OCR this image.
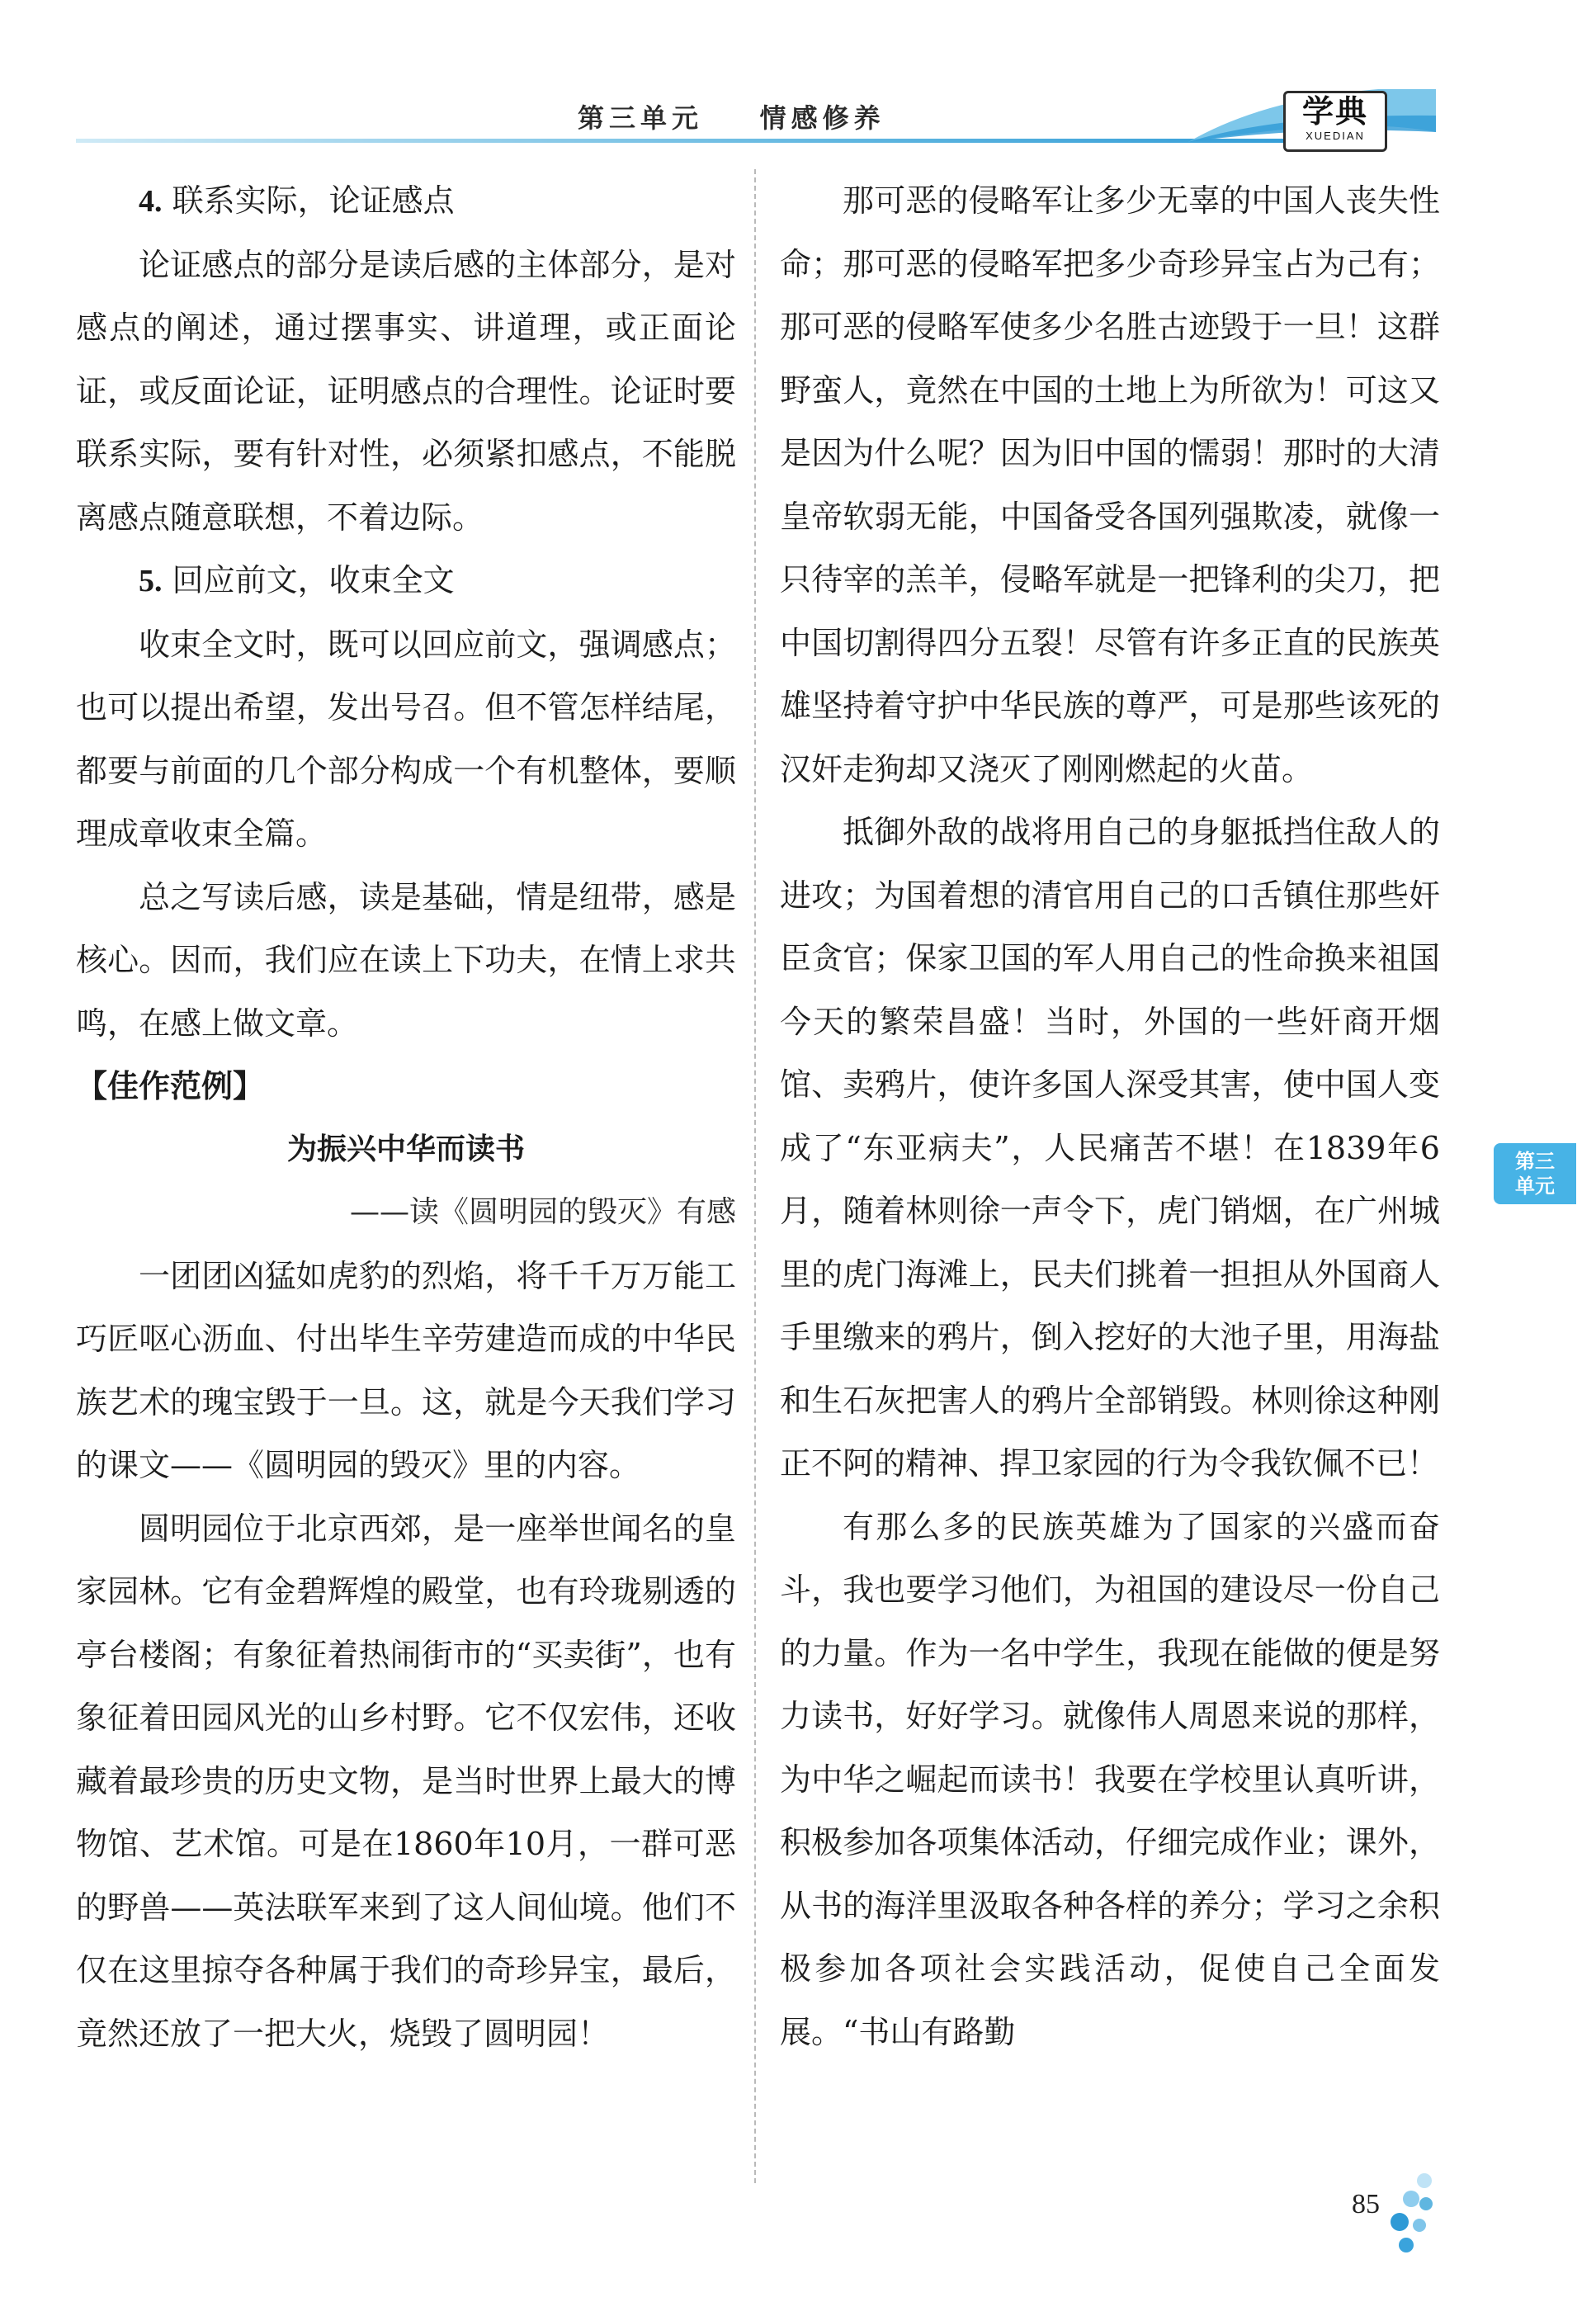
第三单元    情感修养	学典
XUEDIAN

4. 联系实际，论证感点

论证感点的部分是读后感的主体部分，是对感点的阐述，通过摆事实、讲道理，或正面论证，或反面论证，证明感点的合理性。论证时要联系实际，要有针对性，必须紧扣感点，不能脱离感点随意联想，不着边际。

5. 回应前文，收束全文

收束全文时，既可以回应前文，强调感点；也可以提出希望，发出号召。但不管怎样结尾，都要与前面的几个部分构成一个有机整体，要顺理成章收束全篇。

总之写读后感，读是基础，情是纽带，感是核心。因而，我们应在读上下功夫，在情上求共鸣，在感上做文章。

【佳作范例】
为振兴中华而读书
——读《圆明园的毁灭》有感

一团团凶猛如虎豹的烈焰，将千千万万能工巧匠呕心沥血、付出毕生辛劳建造而成的中华民族艺术的瑰宝毁于一旦。这，就是今天我们学习的课文——《圆明园的毁灭》里的内容。

圆明园位于北京西郊，是一座举世闻名的皇家园林。它有金碧辉煌的殿堂，也有玲珑剔透的亭台楼阁；有象征着热闹街市的“买卖街”，也有象征着田园风光的山乡村野。它不仅宏伟，还收藏着最珍贵的历史文物，是当时世界上最大的博物馆、艺术馆。可是在1860年10月，一群可恶的野兽——英法联军来到了这人间仙境。他们不仅在这里掠夺各种属于我们的奇珍异宝，最后，竟然还放了一把大火，烧毁了圆明园！

那可恶的侵略军让多少无辜的中国人丧失性命；那可恶的侵略军把多少奇珍异宝占为己有；那可恶的侵略军使多少名胜古迹毁于一旦！这群野蛮人，竟然在中国的土地上为所欲为！可这又是因为什么呢？因为旧中国的懦弱！那时的大清皇帝软弱无能，中国备受各国列强欺凌，就像一只待宰的羔羊，侵略军就是一把锋利的尖刀，把中国切割得四分五裂！尽管有许多正直的民族英雄坚持着守护中华民族的尊严，可是那些该死的汉奸走狗却又浇灭了刚刚燃起的火苗。

抵御外敌的战将用自己的身躯抵挡住敌人的进攻；为国着想的清官用自己的口舌镇住那些奸臣贪官；保家卫国的军人用自己的性命换来祖国今天的繁荣昌盛！当时，外国的一些奸商开烟馆、卖鸦片，使许多国人深受其害，使中国人变成了“东亚病夫”，人民痛苦不堪！在1839年6月，随着林则徐一声令下，虎门销烟，在广州城里的虎门海滩上，民夫们挑着一担担从外国商人手里缴来的鸦片，倒入挖好的大池子里，用海盐和生石灰把害人的鸦片全部销毁。林则徐这种刚正不阿的精神、捍卫家园的行为令我钦佩不已！

有那么多的民族英雄为了国家的兴盛而奋斗，我也要学习他们，为祖国的建设尽一份自己的力量。作为一名中学生，我现在能做的便是努力读书，好好学习。就像伟人周恩来说的那样，为中华之崛起而读书！我要在学校里认真听讲，积极参加各项集体活动，仔细完成作业；课外，从书的海洋里汲取各种各样的养分；学习之余积极参加各项社会实践活动，促使自己全面发展。“书山有路勤

第三
单元
85
